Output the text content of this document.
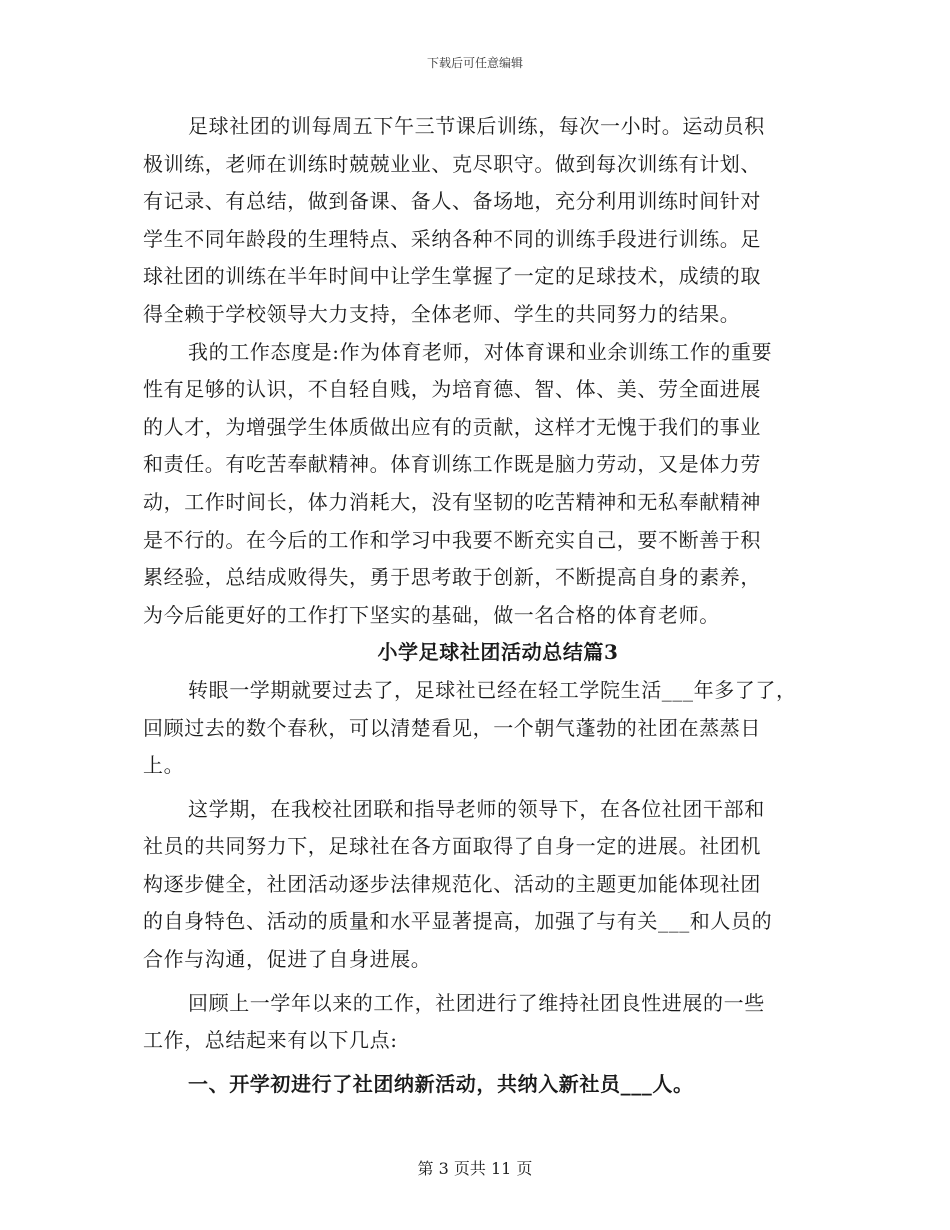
下载后可任意编辑
足球社团的训每周五下午三节课后训练，每次一小时。运动员积
极训练，老师在训练时兢兢业业、克尽职守。做到每次训练有计划、
有记录、有总结，做到备课、备人、备场地，充分利用训练时间针对
学生不同年龄段的生理特点、采纳各种不同的训练手段进行训练。足
球社团的训练在半年时间中让学生掌握了一定的足球技术，成绩的取
得全赖于学校领导大力支持，全体老师、学生的共同努力的结果。
我的工作态度是:作为体育老师，对体育课和业余训练工作的重要
性有足够的认识，不自轻自贱，为培育德、智、体、美、劳全面进展
的人才，为增强学生体质做出应有的贡献，这样才无愧于我们的事业
和责任。有吃苦奉献精神。体育训练工作既是脑力劳动，又是体力劳
动，工作时间长，体力消耗大，没有坚韧的吃苦精神和无私奉献精神
是不行的。在今后的工作和学习中我要不断充实自己，要不断善于积
累经验，总结成败得失，勇于思考敢于创新，不断提高自身的素养，
为今后能更好的工作打下坚实的基础，做一名合格的体育老师。
小学足球社团活动总结篇3
转眼一学期就要过去了，足球社已经在轻工学院生活___年多了了，
回顾过去的数个春秋，可以清楚看见，一个朝气蓬勃的社团在蒸蒸日
上。
这学期，在我校社团联和指导老师的领导下，在各位社团干部和
社员的共同努力下，足球社在各方面取得了自身一定的进展。社团机
构逐步健全，社团活动逐步法律规范化、活动的主题更加能体现社团
的自身特色、活动的质量和水平显著提高，加强了与有关___和人员的
合作与沟通，促进了自身进展。
回顾上一学年以来的工作，社团进行了维持社团良性进展的一些
工作，总结起来有以下几点:
一、开学初进行了社团纳新活动，共纳入新社员___人。
第 3 页共 11 页
